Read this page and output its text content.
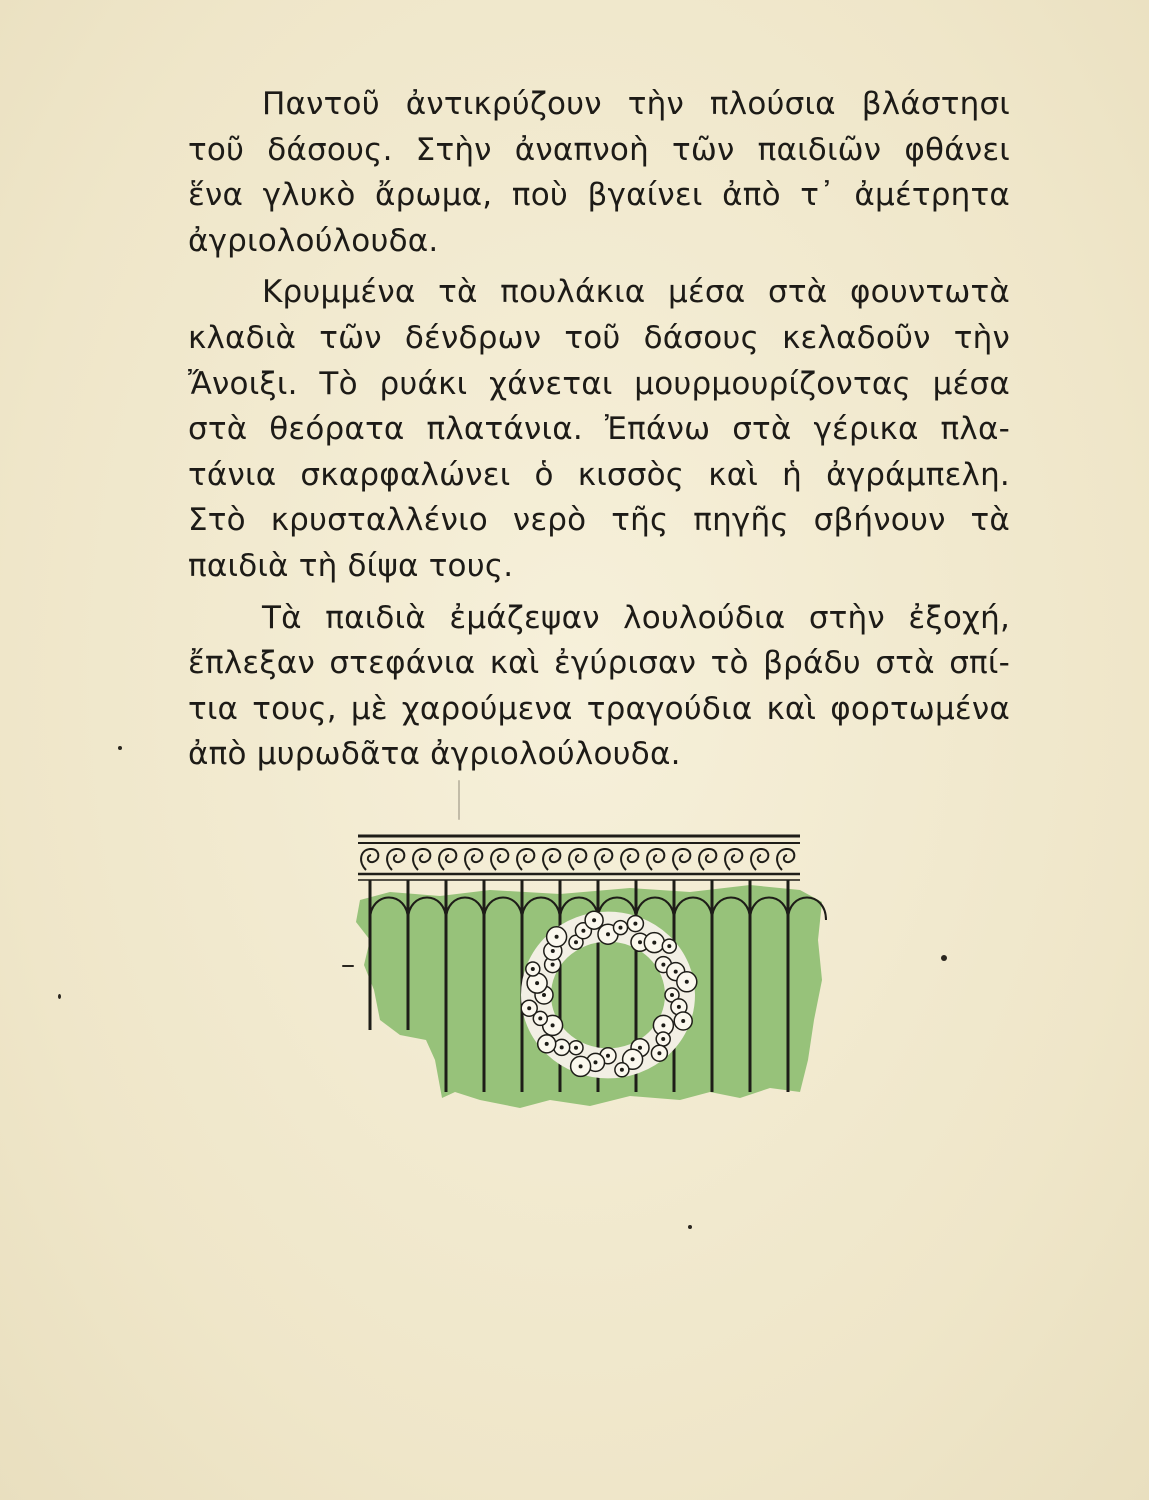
Παντοῦ ἀντικρύζουν τὴν πλούσια βλάστησι
τοῦ δάσους. Στὴν ἀναπνοὴ τῶν παιδιῶν φθάνει
ἕνα γλυκὸ ἄρωμα, ποὺ βγαίνει ἀπὸ τ᾽ ἀμέτρητα
ἀγριολούλουδα.
Κρυμμένα τὰ πουλάκια μέσα στὰ φουντωτὰ
κλαδιὰ τῶν δένδρων τοῦ δάσους κελαδοῦν τὴν
Ἄνοιξι. Τὸ ρυάκι χάνεται μουρμουρίζοντας μέσα
στὰ θεόρατα πλατάνια. Ἐπάνω στὰ γέρικα πλα-
τάνια σκαρφαλώνει ὁ κισσὸς καὶ ἡ ἀγράμπελη.
Στὸ κρυσταλλένιο νερὸ τῆς πηγῆς σβήνουν τὰ
παιδιὰ τὴ δίψα τους.
Τὰ παιδιὰ ἐμάζεψαν λουλούδια στὴν ἐξοχή,
ἔπλεξαν στεφάνια καὶ ἐγύρισαν τὸ βράδυ στὰ σπί-
τια τους, μὲ χαρούμενα τραγούδια καὶ φορτωμένα
ἀπὸ μυρωδᾶτα ἀγριολούλουδα.
